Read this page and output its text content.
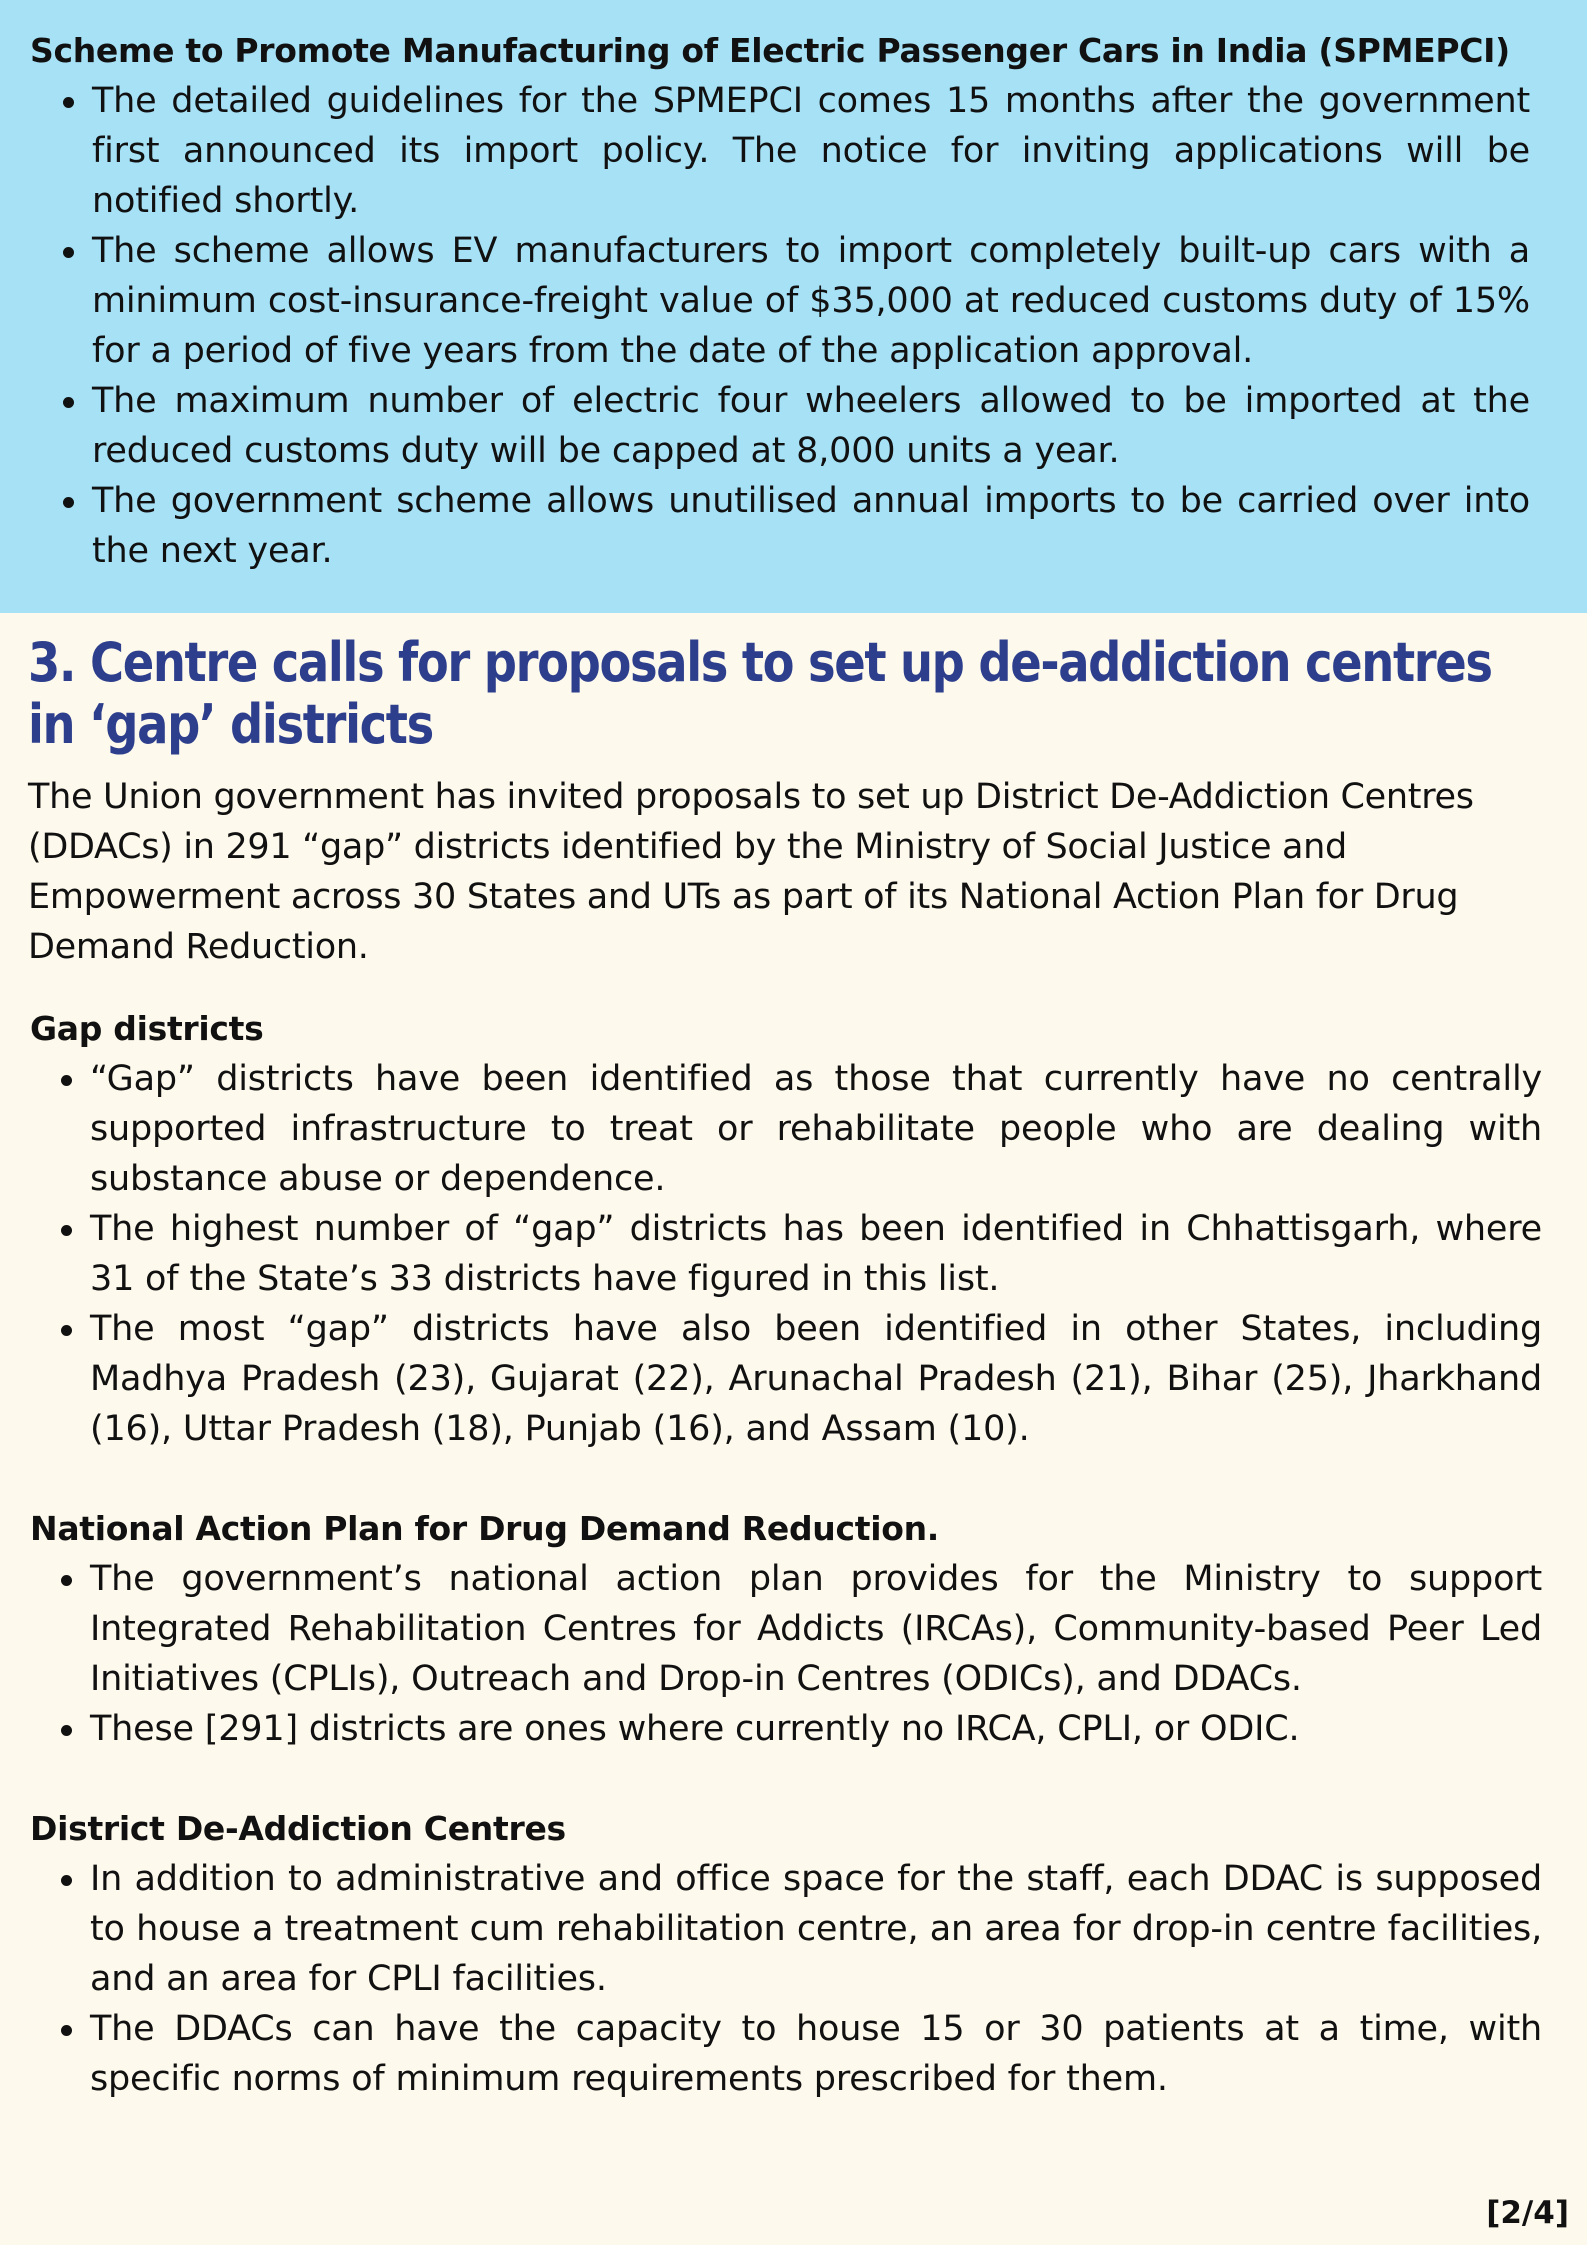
Scheme to Promote Manufacturing of Electric Passenger Cars in India (SPMEPCI)

The detailed guidelines for the SPMEPCI comes 15 months after the government first announced its import policy. The notice for inviting applications will be notified shortly.
The scheme allows EV manufacturers to import completely built-up cars with a minimum cost-insurance-freight value of $35,000 at reduced customs duty of 15% for a period of five years from the date of the application approval.
The maximum number of electric four wheelers allowed to be imported at the reduced customs duty will be capped at 8,000 units a year.
The government scheme allows unutilised annual imports to be carried over into the next year.
3. Centre calls for proposals to set up de-addiction centres in ‘gap’ districts

The Union government has invited proposals to set up District De-Addiction Centres (DDACs) in 291 “gap” districts identified by the Ministry of Social Justice and Empowerment across 30 States and UTs as part of its National Action Plan for Drug Demand Reduction.

Gap districts

“Gap” districts have been identified as those that currently have no centrally supported infrastructure to treat or rehabilitate people who are dealing with substance abuse or dependence.
The highest number of “gap” districts has been identified in Chhattisgarh, where 31 of the State’s 33 districts have figured in this list.
The most “gap” districts have also been identified in other States, including Madhya Pradesh (23), Gujarat (22), Arunachal Pradesh (21), Bihar (25), Jharkhand (16), Uttar Pradesh (18), Punjab (16), and Assam (10).

National Action Plan for Drug Demand Reduction.

The government’s national action plan provides for the Ministry to support Integrated Rehabilitation Centres for Addicts (IRCAs), Community-based Peer Led Initiatives (CPLIs), Outreach and Drop-in Centres (ODICs), and DDACs.
These [291] districts are ones where currently no IRCA, CPLI, or ODIC.

District De-Addiction Centres

In addition to administrative and office space for the staff, each DDAC is supposed to house a treatment cum rehabilitation centre, an area for drop-in centre facilities, and an area for CPLI facilities.
The DDACs can have the capacity to house 15 or 30 patients at a time, with specific norms of minimum requirements prescribed for them.
[2/4]
